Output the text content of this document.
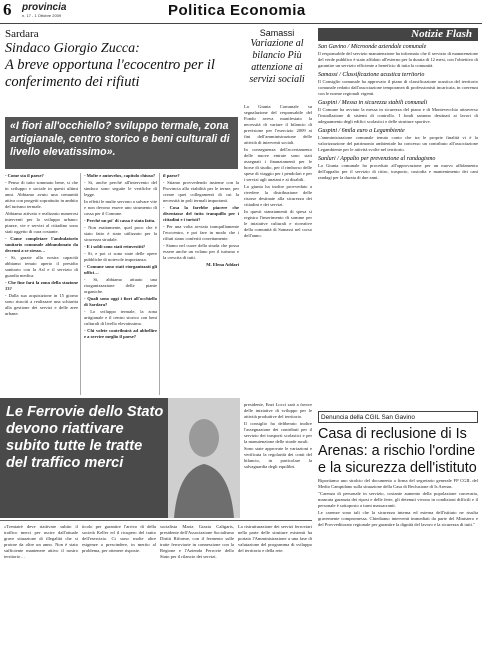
6 provincia
n. 17 - 1 Ottobre 2009	Politica Economia
Sardara
Sindaco Giorgio Zucca:
A breve opportuna l'ecocentro per il conferimento dei rifiuti
«I fiori all'occhiello? sviluppo termale, zona artigianale, centro storico e beni culturali di livello elevatissimo».

- Come sta il paese?

- Penso di tutto sommato bene, si che in sviluppo e sociale in questi ultimi anni. Abbiamo avuto una comunità attiva con progetti soprattutto in ambito del turismo termale.

Abbiamo attivato e realizzato numerosi interventi per lo sviluppo urbano: piazze, vie e servizi al cittadino sono stati oggetto di cura costante.

- Come completare l'ambulatorio sanitario comunale abbandonato da decenni a se stesso…

- Si, grazie alla nostra capacità abbiamo tenuto aperto il presidio sanitario con la Asl e il servizio di guardia medica.

- Che fine farà la zona della stazione 13?

- Dalla sua acquisizione in 15 giorno sono riusciti a realizzare una schiarita alla gestione dei servizi e delle aree urbane.

- Molte e autovelox, capitolo chiuso?

- Si, anche perché all'intervento del sindaco sono seguite le verifiche di legge.

In effetti le multe servono a salvare vite e non devono essere uno strumento di cassa per il Comune.

- Perché un pò' di cassa è stata fatta.

- Non esattamente, quel poco che è stato fatto è stato utilizzato per la sicurezza stradale.

- E i soldi sono stati reinvestiti?

- Si, e poi ci sono state delle opere pubbliche di notevole importanza.

- Comune sono stati riorganizzati gli uffici…

- Si, abbiamo attuato una riorganizzazione delle piante organiche.

- Quali sono oggi i fiori all'occhiello di Sardara?

- Lo sviluppo termale, la zona artigianale e il centro storico con beni culturali di livello elevatissimo.

- Chi volete contribuirà ad abbellire e a servire meglio il paese?

il paese?

- Stiamo provvedendo insieme con la Provincia alla viabilità per le terme, per creare quei collegamenti di cui la necessità in poli termali importanti.

- Cosa la farebbe piacere che diventasse del tutto tranquillo per i cittadini e i turisti?

- Per una volta avviato tranquillamente l'ecocentro, e poi fare in modo che i rifiuti siano conferiti correttamente.

- Siamo nel cuore della strada che possa essere anche un volano per il turismo e la crescita di tutti.

M. Elena Addari

Samassi
Variazione al bilancio Più attenzione ai servizi sociali

La Giunta Comunale su segnalazione del responsabile del Fondo aveva manifestato la necessità di variare il bilancio di previsione per l'esercizio 2009 ai fini dell'amministrazione delle attività di interventi sociali.

In conseguenza dell'accertamento delle nuove entrate sono stati assegnati i finanziamenti per le borse di studio, per il rimborso delle spese di viaggio per i pendolari e per i servizi agli anziani e ai disabili.

La giunta ha inoltre provveduto a rivedere la distribuzione delle risorse destinate alla sicurezza dei cittadini e dei servizi.

In questi stanziamenti di spesa si registra l'inserimento di somme per le iniziative culturali e ricreative della comunità di Samassi nel corso dell'anno.

presidente, Enzi Locci sarà a favore delle iniziative di sviluppo per le attività produttive del territorio.

Il consiglio ha deliberato inoltre l'assegnazione dei contributi per il servizio dei trasporti scolastici e per la manutenzione delle strade rurali.

Sono state approvate le variazioni e verificata la regolarità dei conti del bilancio, in particolare la salvaguardia degli equilibri.

Notizie Flash
San Gavino / Microonde aziendale comunale
Il responsabile del servizio manutenzione ha informato che il servizio di manutenzione del verde pubblico è stato affidato all'esterno per la durata di 12 mesi, con l'obiettivo di garantire un servizio efficiente a beneficio di tutta la comunità.
Samassi / Classificazione acustica territorio
Il Consiglio comunale ha approvato il piano di classificazione acustica del territorio comunale redatto dall'associazione temporanea di professionisti incaricata, in coerenza con le norme regionali vigenti.
Guspini / Messa in sicurezza stabili comunali
Il Comune ha avviato la messa in sicurezza del piano e di Montevecchio attraverso l'installazione di sistemi di controllo. I fondi saranno destinati ai lavori di adeguamento degli edifici scolastici e delle strutture sportive.
Guspini / 6mila euro a Legambiente
L'amministrazione comunale tenuto conto che tra le proprie finalità vi è la valorizzazione del patrimonio ambientale ha concesso un contributo all'associazione Legambiente per le attività svolte nel territorio.
Sanluri / Appalto per prevenzione al randagismo
La Giunta comunale ha proceduto all'approvazione per un nuovo affidamento dell'appalto per il servizio di ritiro, trasporto, custodia e mantenimento dei cani randagi per la durata di due anni.
Denuncia della CGIL San Gavino
Casa di reclusione di Is Arenas: a rischio l'ordine e la sicurezza dell'istituto

Riportiamo uno stralcio del documento a firma del segretario generale FP CGIL del Medio Campidano sulla situazione della Casa di Reclusione di Is Arenas.

"Carenza di personale in servizio, costante aumento della popolazione carceraria, mancata garanzia dei riposi e delle ferie, gli detenuti vivono in condizioni difficili e il personale è sottoposto a turni massacranti.

Le carenze sono tali che la sicurezza interna ed esterna dell'istituto ne risulta gravemente compromessa. Chiediamo interventi immediati da parte del Ministero e del Provveditorato regionale per garantire la dignità del lavoro e la sicurezza di tutti."

Le Ferrovie dello Stato devono riattivare subito tutte le tratte del traffico merci

«Trentatrè deve riattivare subito il traffico merci per uscire dall'attuale grave situazione di illegalità che si protrae da oltre un anno. Non è stato sufficiente mantenere attivo il nostro territorio…

ticolo per garantire l'arrivo di della società Keller ed il ricupero del tratto dell'esercizio. Ci sono molte altre esigenze a prescindere, in merito al problema, per ottenere risposte.

socialista Maria Grazia Caligaris, presidente dell'Associazione Socialismo Diritti Riforme, con il fermento sulle tratte ferroviarie in connessione con la Regione e l'Azienda Ferrovie dello Stato per il rilancio dei servizi.

La ristrutturazione dei servizi ferroviari nella parte delle strutture esistenti ha portato l'Amministrazione a una fase di valutazione del programma di sviluppo del territorio e della rete.
